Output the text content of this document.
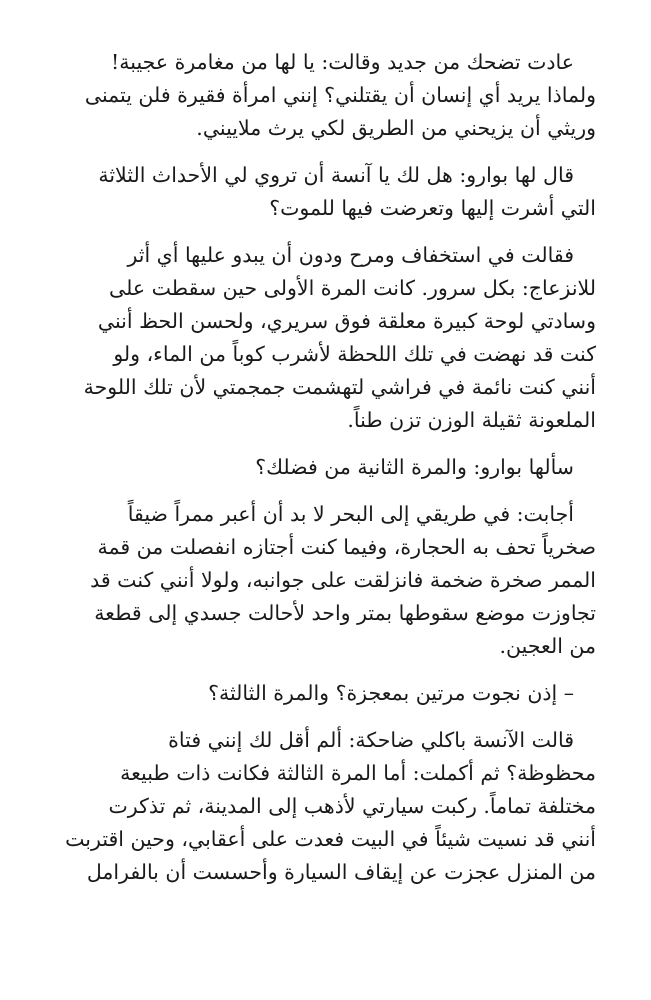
عادت تضحك من جديد وقالت: يا لها من مغامرة عجيبة!
ولماذا يريد أي إنسان أن يقتلني؟ إنني امرأة فقيرة فلن يتمنى
وريثي أن يزيحني من الطريق لكي يرث ملاييني.

قال لها بوارو: هل لك يا آنسة أن تروي لي الأحداث الثلاثة
التي أشرت إليها وتعرضت فيها للموت؟

فقالت في استخفاف ومرح ودون أن يبدو عليها أي أثر
للانزعاج: بكل سرور. كانت المرة الأولى حين سقطت على
وسادتي لوحة كبيرة معلقة فوق سريري، ولحسن الحظ أنني
كنت قد نهضت في تلك اللحظة لأشرب كوباً من الماء، ولو
أنني كنت نائمة في فراشي لتهشمت جمجمتي لأن تلك اللوحة
الملعونة ثقيلة الوزن تزن طناً.

سألها بوارو: والمرة الثانية من فضلك؟

أجابت: في طريقي إلى البحر لا بد أن أعبر ممراً ضيقاً
صخرياً تحف به الحجارة، وفيما كنت أجتازه انفصلت من قمة
الممر صخرة ضخمة فانزلقت على جوانبه، ولولا أنني كنت قد
تجاوزت موضع سقوطها بمتر واحد لأحالت جسدي إلى قطعة
من العجين.

– إذن نجوت مرتين بمعجزة؟ والمرة الثالثة؟

قالت الآنسة باكلي ضاحكة: ألم أقل لك إنني فتاة
محظوظة؟ ثم أكملت: أما المرة الثالثة فكانت ذات طبيعة
مختلفة تماماً. ركبت سيارتي لأذهب إلى المدينة، ثم تذكرت
أنني قد نسيت شيئاً في البيت فعدت على أعقابي، وحين اقتربت
من المنزل عجزت عن إيقاف السيارة وأحسست أن بالفرامل
